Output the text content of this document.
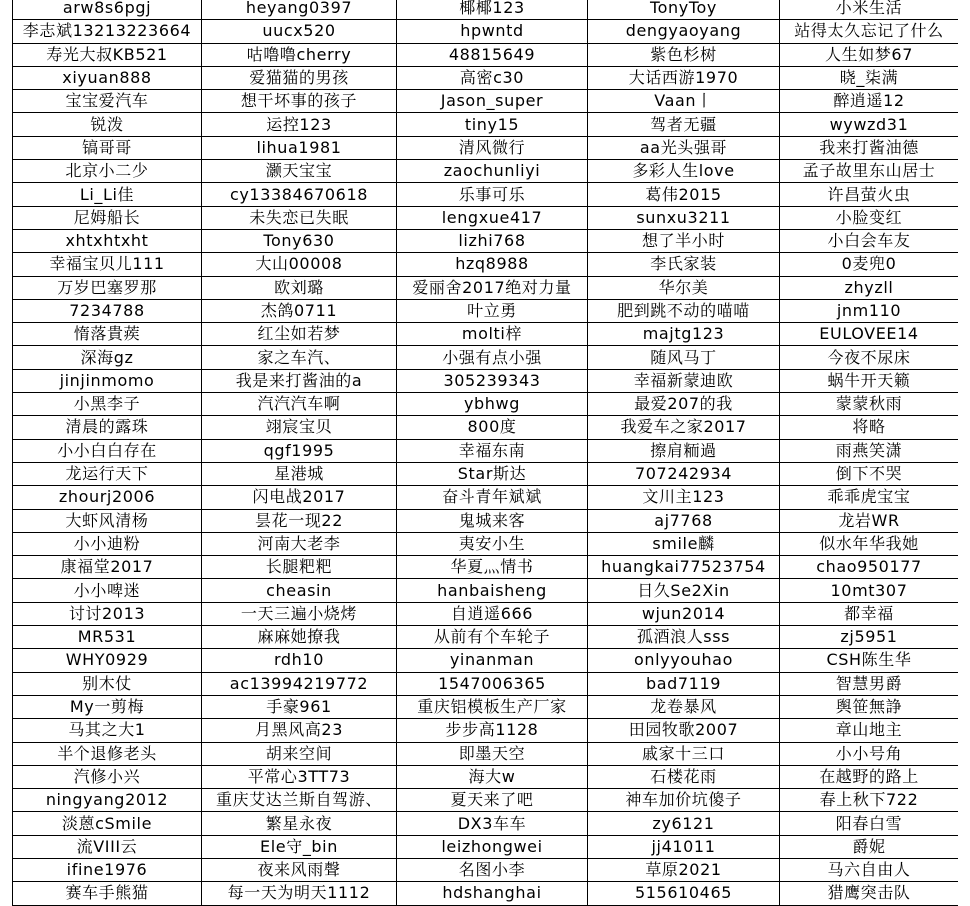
arw8s6pgj	heyang0397	椰椰123	TonyToy	小米生活
李志斌13213223664	uucx520	hpwntd	dengyaoyang	站得太久忘记了什么
寿光大叔KB521	咕噜噜cherry	48815649	紫色杉树	人生如梦67
xiyuan888	爱猫猫的男孩	高密c30	大话西游1970	晓_柒满
宝宝爱汽车	想干坏事的孩子	Jason_super	Vaan丨	醉逍遥12
锐泼	运控123	tiny15	驾者无疆	wywzd31
镐哥哥	lihua1981	清风微行	aa光头强哥	我来打酱油德
北京小二少	灏天宝宝	zaochunliyi	多彩人生love	孟子故里东山居士
Li_Li佳	cy13384670618	乐事可乐	葛伟2015	许昌萤火虫
尼姆船长	未失恋已失眠	lengxue417	sunxu3211	小脸变红
xhtxhtxht	Tony630	lizhi768	想了半小时	小白会车友
幸福宝贝儿111	大山00008	hzq8988	李氏家装	0麦兜0
万岁巴塞罗那	欧刘璐	爱丽舍2017绝对力量	华尔美	zhyzll
7234788	杰鸽0711	叶立勇	肥到跳不动的喵喵	jnm110
惰落貴蒺	红尘如若梦	molti梓	majtg123	EULOVEE14
深海gz	家之车汽、	小强有点小强	随风马丁	今夜不尿床
jinjinmomo	我是来打酱油的a	305239343	幸福新蒙迪欧	蜗牛开天籁
小黑李子	汽汽汽车啊	ybhwg	最爱207的我	蒙蒙秋雨
清晨的露珠	翊宸宝贝	800度	我爱车之家2017	将略
小小白白存在	qgf1995	幸福东南	擦肩粫過	雨燕笑潇
龙运行天下	星港城	Star斯达	707242934	倒下不哭
zhourj2006	闪电战2017	奋斗青年斌斌	文川主123	乖乖虎宝宝
大虾风清杨	昙花一现22	鬼城来客	aj7768	龙岩WR
小小迪粉	河南大老李	夷安小生	smile麟	似水年华我她
康福堂2017	长腿粑粑	华夏灬情书	huangkai77523754	chao950177
小小啤迷	cheasin	hanbaisheng	日久Se2Xin	10mt307
讨讨2013	一天三遍小烧烤	自逍遥666	wjun2014	都幸福
MR531	麻麻她撩我	从前有个车轮子	孤酒浪人sss	zj5951
WHY0929	rdh10	yinanman	onlyyouhao	CSH陈生华
别木仗	ac13994219772	1547006365	bad7119	智慧男爵
My一剪梅	手豪961	重庆铝模板生产厂家	龙卷暴风	舆笹無諍
马其之大1	月黑风高23	步步高1128	田园牧歌2007	章山地主
半个退修老头	胡来空间	即墨天空	戚家十三口	小小号角
汽修小兴	平常心3TT73	海大w	石楼花雨	在越野的路上
ningyang2012	重庆艾达兰斯自驾游、	夏天来了吧	神车加价坑傻子	春上秋下722
淡蒽cSmile	繁星永夜	DX3车车	zy6121	阳春白雪
流VIII云	Ele守_bin	leizhongwei	jj41011	爵妮
ifine1976	夜来风雨聲	名图小李	草原2021	马六自由人
赛车手熊猫	每一天为明天1112	hdshanghai	515610465	猎鹰突击队
